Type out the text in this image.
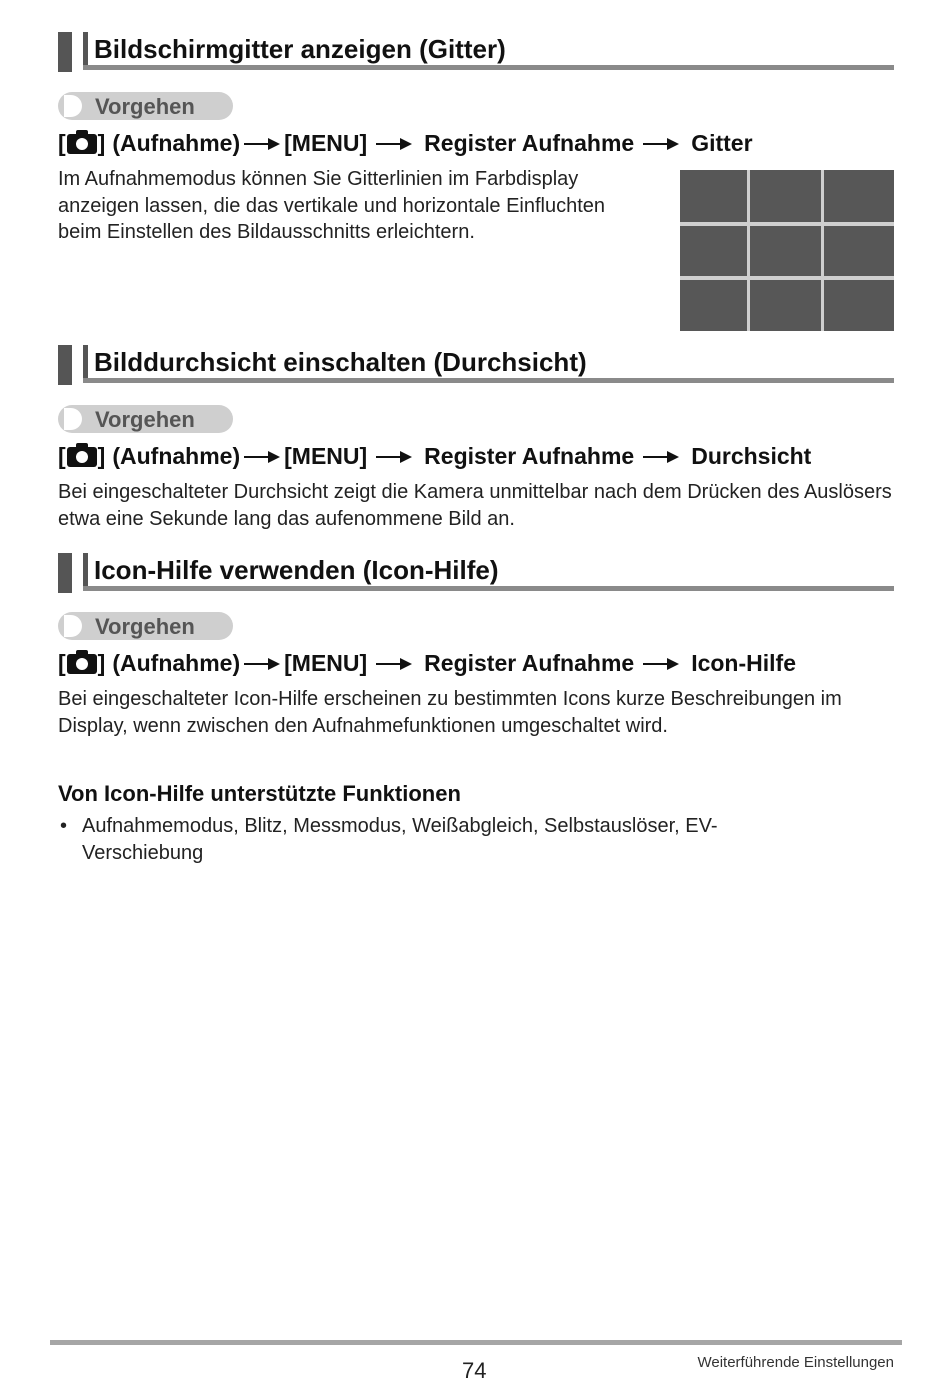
Bildschirmgitter anzeigen (Gitter)
Vorgehen
[ ] (Aufnahme) [MENU] Register Aufnahme Gitter
Im Aufnahmemodus können Sie Gitterlinien im Farbdisplay anzeigen lassen, die das vertikale und horizontale Einfluchten beim Einstellen des Bildausschnitts erleichtern.
Bilddurchsicht einschalten (Durchsicht)
Vorgehen
[ ] (Aufnahme) [MENU] Register Aufnahme Durchsicht
Bei eingeschalteter Durchsicht zeigt die Kamera unmittelbar nach dem Drücken des Auslösers etwa eine Sekunde lang das aufenommene Bild an.
Icon-Hilfe verwenden (Icon-Hilfe)
Vorgehen
[ ] (Aufnahme) [MENU] Register Aufnahme Icon-Hilfe
Bei eingeschalteter Icon-Hilfe erscheinen zu bestimmten Icons kurze Beschreibungen im Display, wenn zwischen den Aufnahmefunktionen umgeschaltet wird.
Von Icon-Hilfe unterstützte Funktionen
• Aufnahmemodus, Blitz, Messmodus, Weißabgleich, Selbstauslöser, EV-Verschiebung
74	Weiterführende Einstellungen
